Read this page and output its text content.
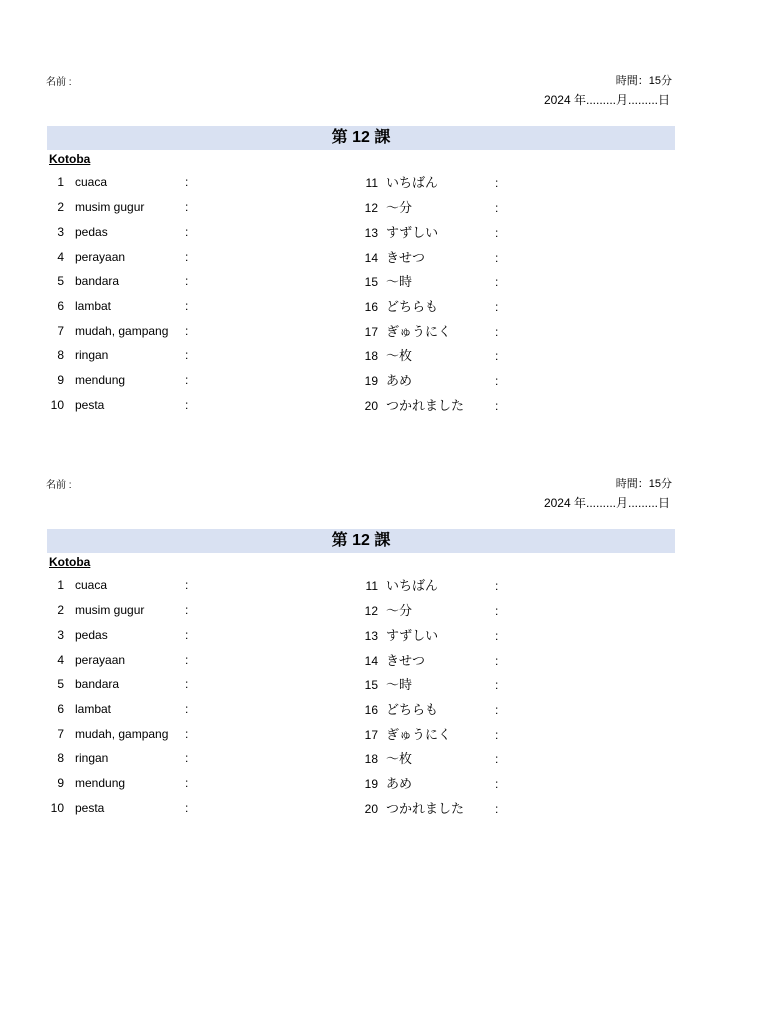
名前 :	時間：15分
2024 年.........月.........日
第 12 課
Kotoba
1 cuaca	:
2 musim gugur	:
3 pedas	:
4 perayaan	:
5 bandara	:
6 lambat	:
7 mudah, gampang :
8 ringan	:
9 mendung	:
10 pesta	:
11 いちばん	:
12 〜分	:
13 すずしい	:
14 きせつ	:
15 〜時	:
16 どちらも	:
17 ぎゅうにく	:
18 〜枚	:
19 あめ	:
20 つかれました	:
名前 :	時間：15分
2024 年.........月.........日
第 12 課
Kotoba
1 cuaca	:
2 musim gugur	:
3 pedas	:
4 perayaan	:
5 bandara	:
6 lambat	:
7 mudah, gampang :
8 ringan	:
9 mendung	:
10 pesta	:
11 いちばん	:
12 〜分	:
13 すずしい	:
14 きせつ	:
15 〜時	:
16 どちらも	:
17 ぎゅうにく	:
18 〜枚	:
19 あめ	:
20 つかれました	:
